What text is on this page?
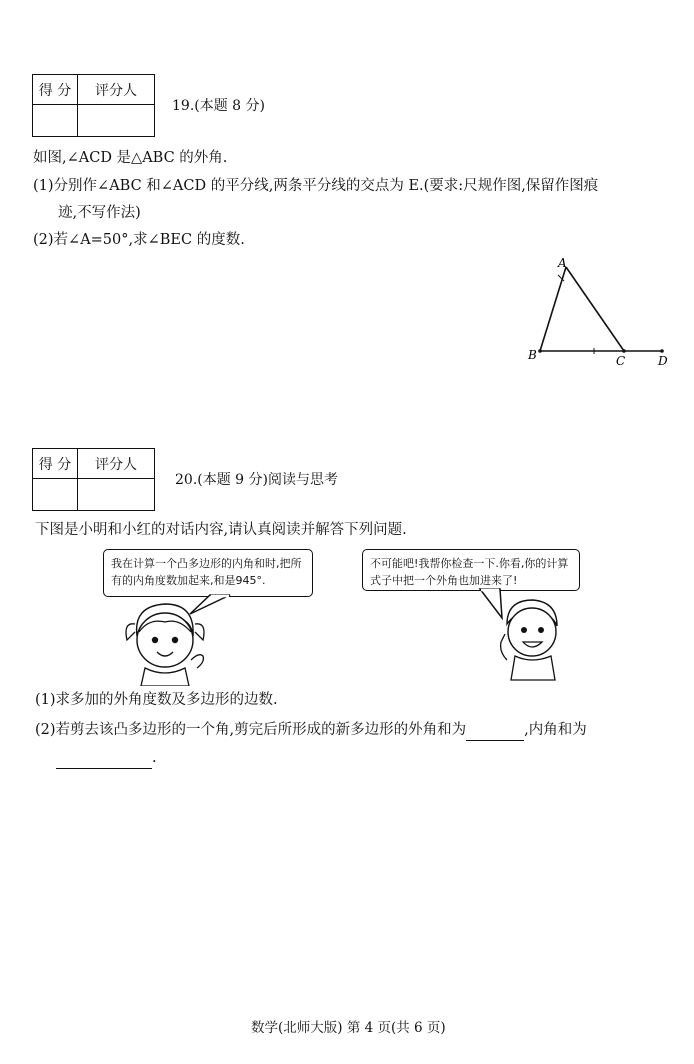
得 分	评分人

19.(本题 8 分)
如图,∠ACD 是△ABC 的外角.
(1)分别作∠ABC 和∠ACD 的平分线,两条平分线的交点为 E.(要求:尺规作图,保留作图痕
迹,不写作法)
(2)若∠A=50°,求∠BEC 的度数.
A
B	C	D
得 分	评分人

20.(本题 9 分)阅读与思考
下图是小明和小红的对话内容,请认真阅读并解答下列问题.
我在计算一个凸多边形的内角和时,把所有的内角度数加起来,和是945°.
不可能吧!我帮你检查一下.你看,你的计算式子中把一个外角也加进来了!
(1)求多加的外角度数及多边形的边数.
(2)若剪去该凸多边形的一个角,剪完后所形成的新多边形的外角和为	,内角和为
.
数学(北师大版) 第 4 页(共 6 页)
